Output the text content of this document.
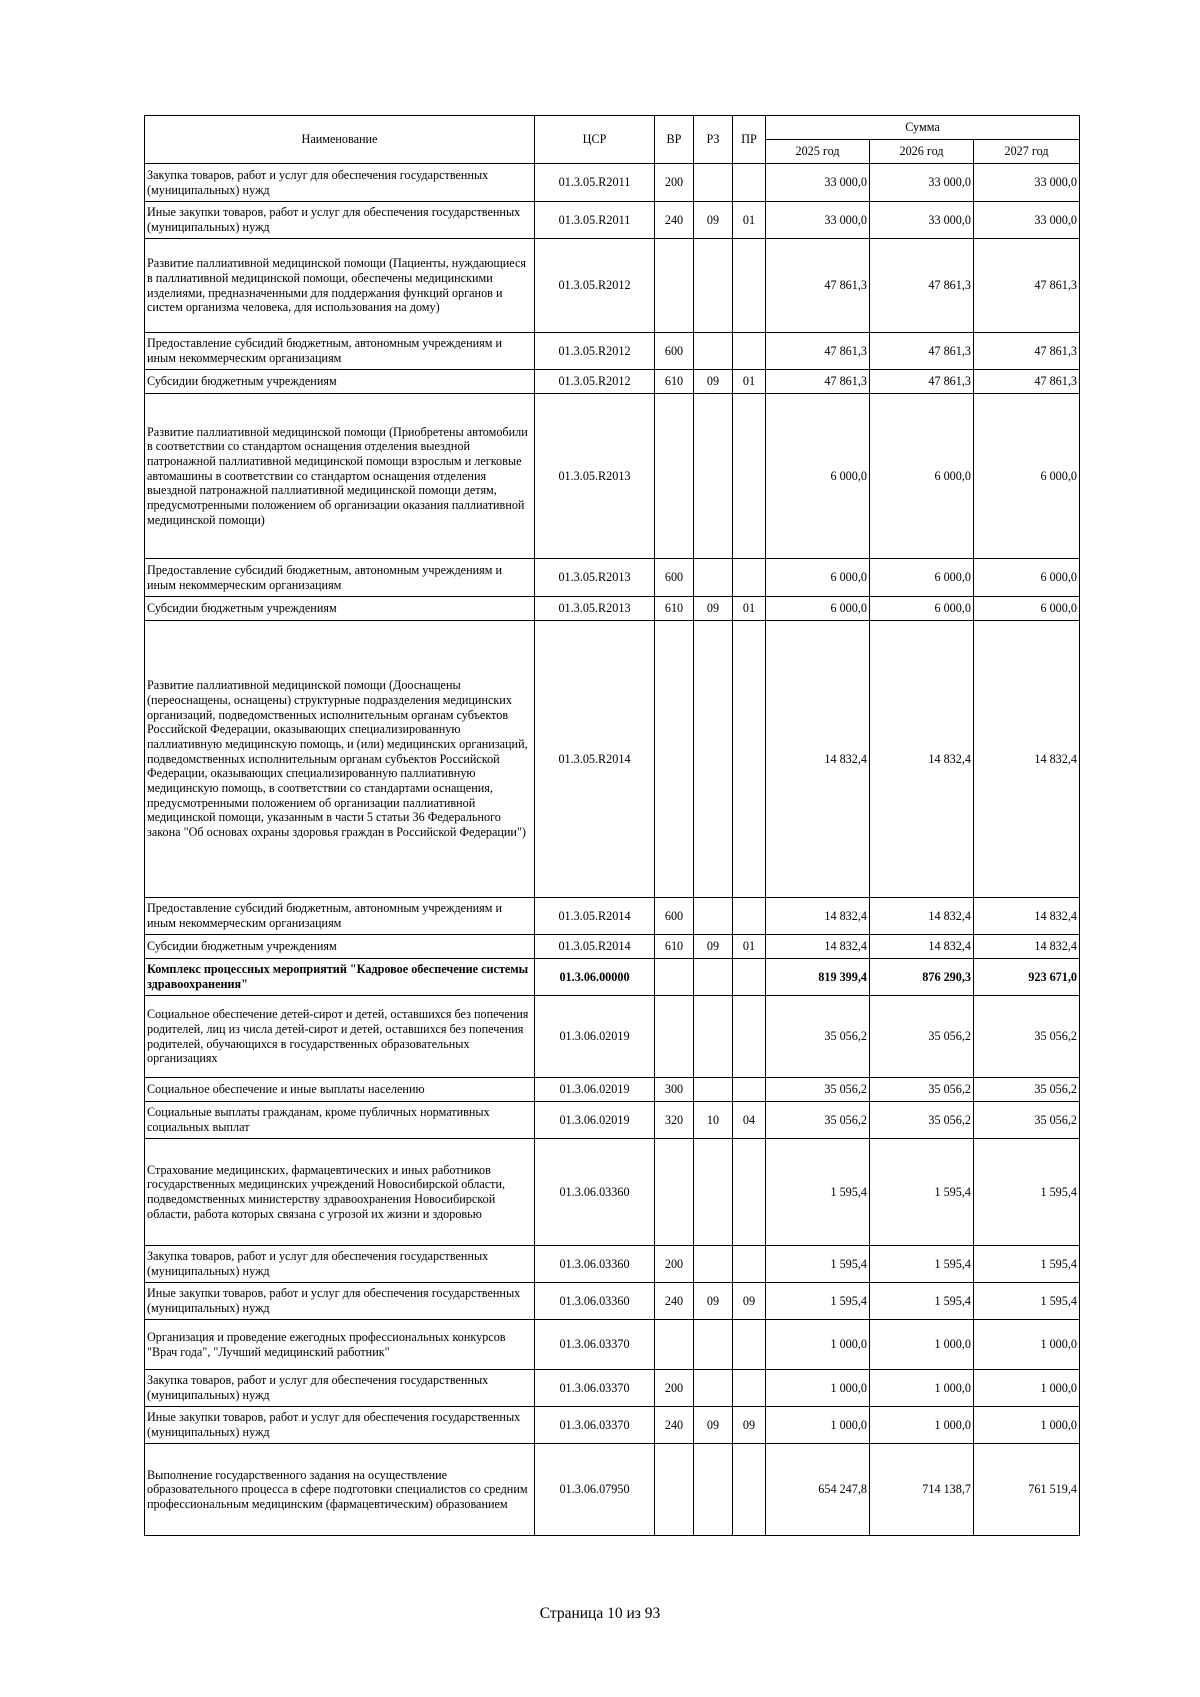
Наименование	ЦСР	ВР	РЗ	ПР	Сумма		
					2025 год	2026 год	2027 год
Закупка товаров, работ и услуг для обеспечения государственных (муниципальных) нужд	01.3.05.R2011	200			33 000,0	33 000,0	33 000,0
Иные закупки товаров, работ и услуг для обеспечения государственных (муниципальных) нужд	01.3.05.R2011	240	09	01	33 000,0	33 000,0	33 000,0
Развитие паллиативной медицинской помощи (Пациенты, нуждающиеся в паллиативной медицинской помощи, обеспечены медицинскими изделиями, предназначенными для поддержания функций органов и систем организма человека, для использования на дому)	01.3.05.R2012				47 861,3	47 861,3	47 861,3
Предоставление субсидий бюджетным, автономным учреждениям и иным некоммерческим организациям	01.3.05.R2012	600			47 861,3	47 861,3	47 861,3
Субсидии бюджетным учреждениям	01.3.05.R2012	610	09	01	47 861,3	47 861,3	47 861,3
Развитие паллиативной медицинской помощи (Приобретены автомобили в соответствии со стандартом оснащения отделения выездной патронажной паллиативной медицинской помощи взрослым и легковые автомашины в соответствии со стандартом оснащения отделения выездной патронажной паллиативной медицинской помощи детям, предусмотренными положением об организации оказания паллиативной медицинской помощи)	01.3.05.R2013				6 000,0	6 000,0	6 000,0
Предоставление субсидий бюджетным, автономным учреждениям и иным некоммерческим организациям	01.3.05.R2013	600			6 000,0	6 000,0	6 000,0
Субсидии бюджетным учреждениям	01.3.05.R2013	610	09	01	6 000,0	6 000,0	6 000,0
Развитие паллиативной медицинской помощи (Дооснащены (переоснащены, оснащены) структурные подразделения медицинских организаций, подведомственных исполнительным органам субъектов Российской Федерации, оказывающих специализированную паллиативную медицинскую помощь, и (или) медицинских организаций, подведомственных исполнительным органам субъектов Российской Федерации, оказывающих специализированную паллиативную медицинскую помощь, в соответствии со стандартами оснащения, предусмотренными положением об организации паллиативной медицинской помощи, указанным в части 5 статьи 36 Федерального закона "Об основах охраны здоровья граждан в Российской Федерации")	01.3.05.R2014				14 832,4	14 832,4	14 832,4
Предоставление субсидий бюджетным, автономным учреждениям и иным некоммерческим организациям	01.3.05.R2014	600			14 832,4	14 832,4	14 832,4
Субсидии бюджетным учреждениям	01.3.05.R2014	610	09	01	14 832,4	14 832,4	14 832,4
Комплекс процессных мероприятий "Кадровое обеспечение системы здравоохранения"	01.3.06.00000				819 399,4	876 290,3	923 671,0
Социальное обеспечение детей-сирот и детей, оставшихся без попечения родителей, лиц из числа детей-сирот и детей, оставшихся без попечения родителей, обучающихся в государственных образовательных организациях	01.3.06.02019				35 056,2	35 056,2	35 056,2
Социальное обеспечение и иные выплаты населению	01.3.06.02019	300			35 056,2	35 056,2	35 056,2
Социальные выплаты гражданам, кроме публичных нормативных социальных выплат	01.3.06.02019	320	10	04	35 056,2	35 056,2	35 056,2
Страхование медицинских, фармацевтических и иных работников государственных медицинских учреждений Новосибирской области, подведомственных министерству здравоохранения Новосибирской области, работа которых связана с угрозой их жизни и здоровью	01.3.06.03360				1 595,4	1 595,4	1 595,4
Закупка товаров, работ и услуг для обеспечения государственных (муниципальных) нужд	01.3.06.03360	200			1 595,4	1 595,4	1 595,4
Иные закупки товаров, работ и услуг для обеспечения государственных (муниципальных) нужд	01.3.06.03360	240	09	09	1 595,4	1 595,4	1 595,4
Организация и проведение ежегодных профессиональных конкурсов "Врач года", "Лучший медицинский работник"	01.3.06.03370				1 000,0	1 000,0	1 000,0
Закупка товаров, работ и услуг для обеспечения государственных (муниципальных) нужд	01.3.06.03370	200			1 000,0	1 000,0	1 000,0
Иные закупки товаров, работ и услуг для обеспечения государственных (муниципальных) нужд	01.3.06.03370	240	09	09	1 000,0	1 000,0	1 000,0
Выполнение государственного задания на осуществление образовательного процесса в сфере подготовки специалистов со средним профессиональным медицинским (фармацевтическим) образованием	01.3.06.07950				654 247,8	714 138,7	761 519,4
Страница 10 из 93
